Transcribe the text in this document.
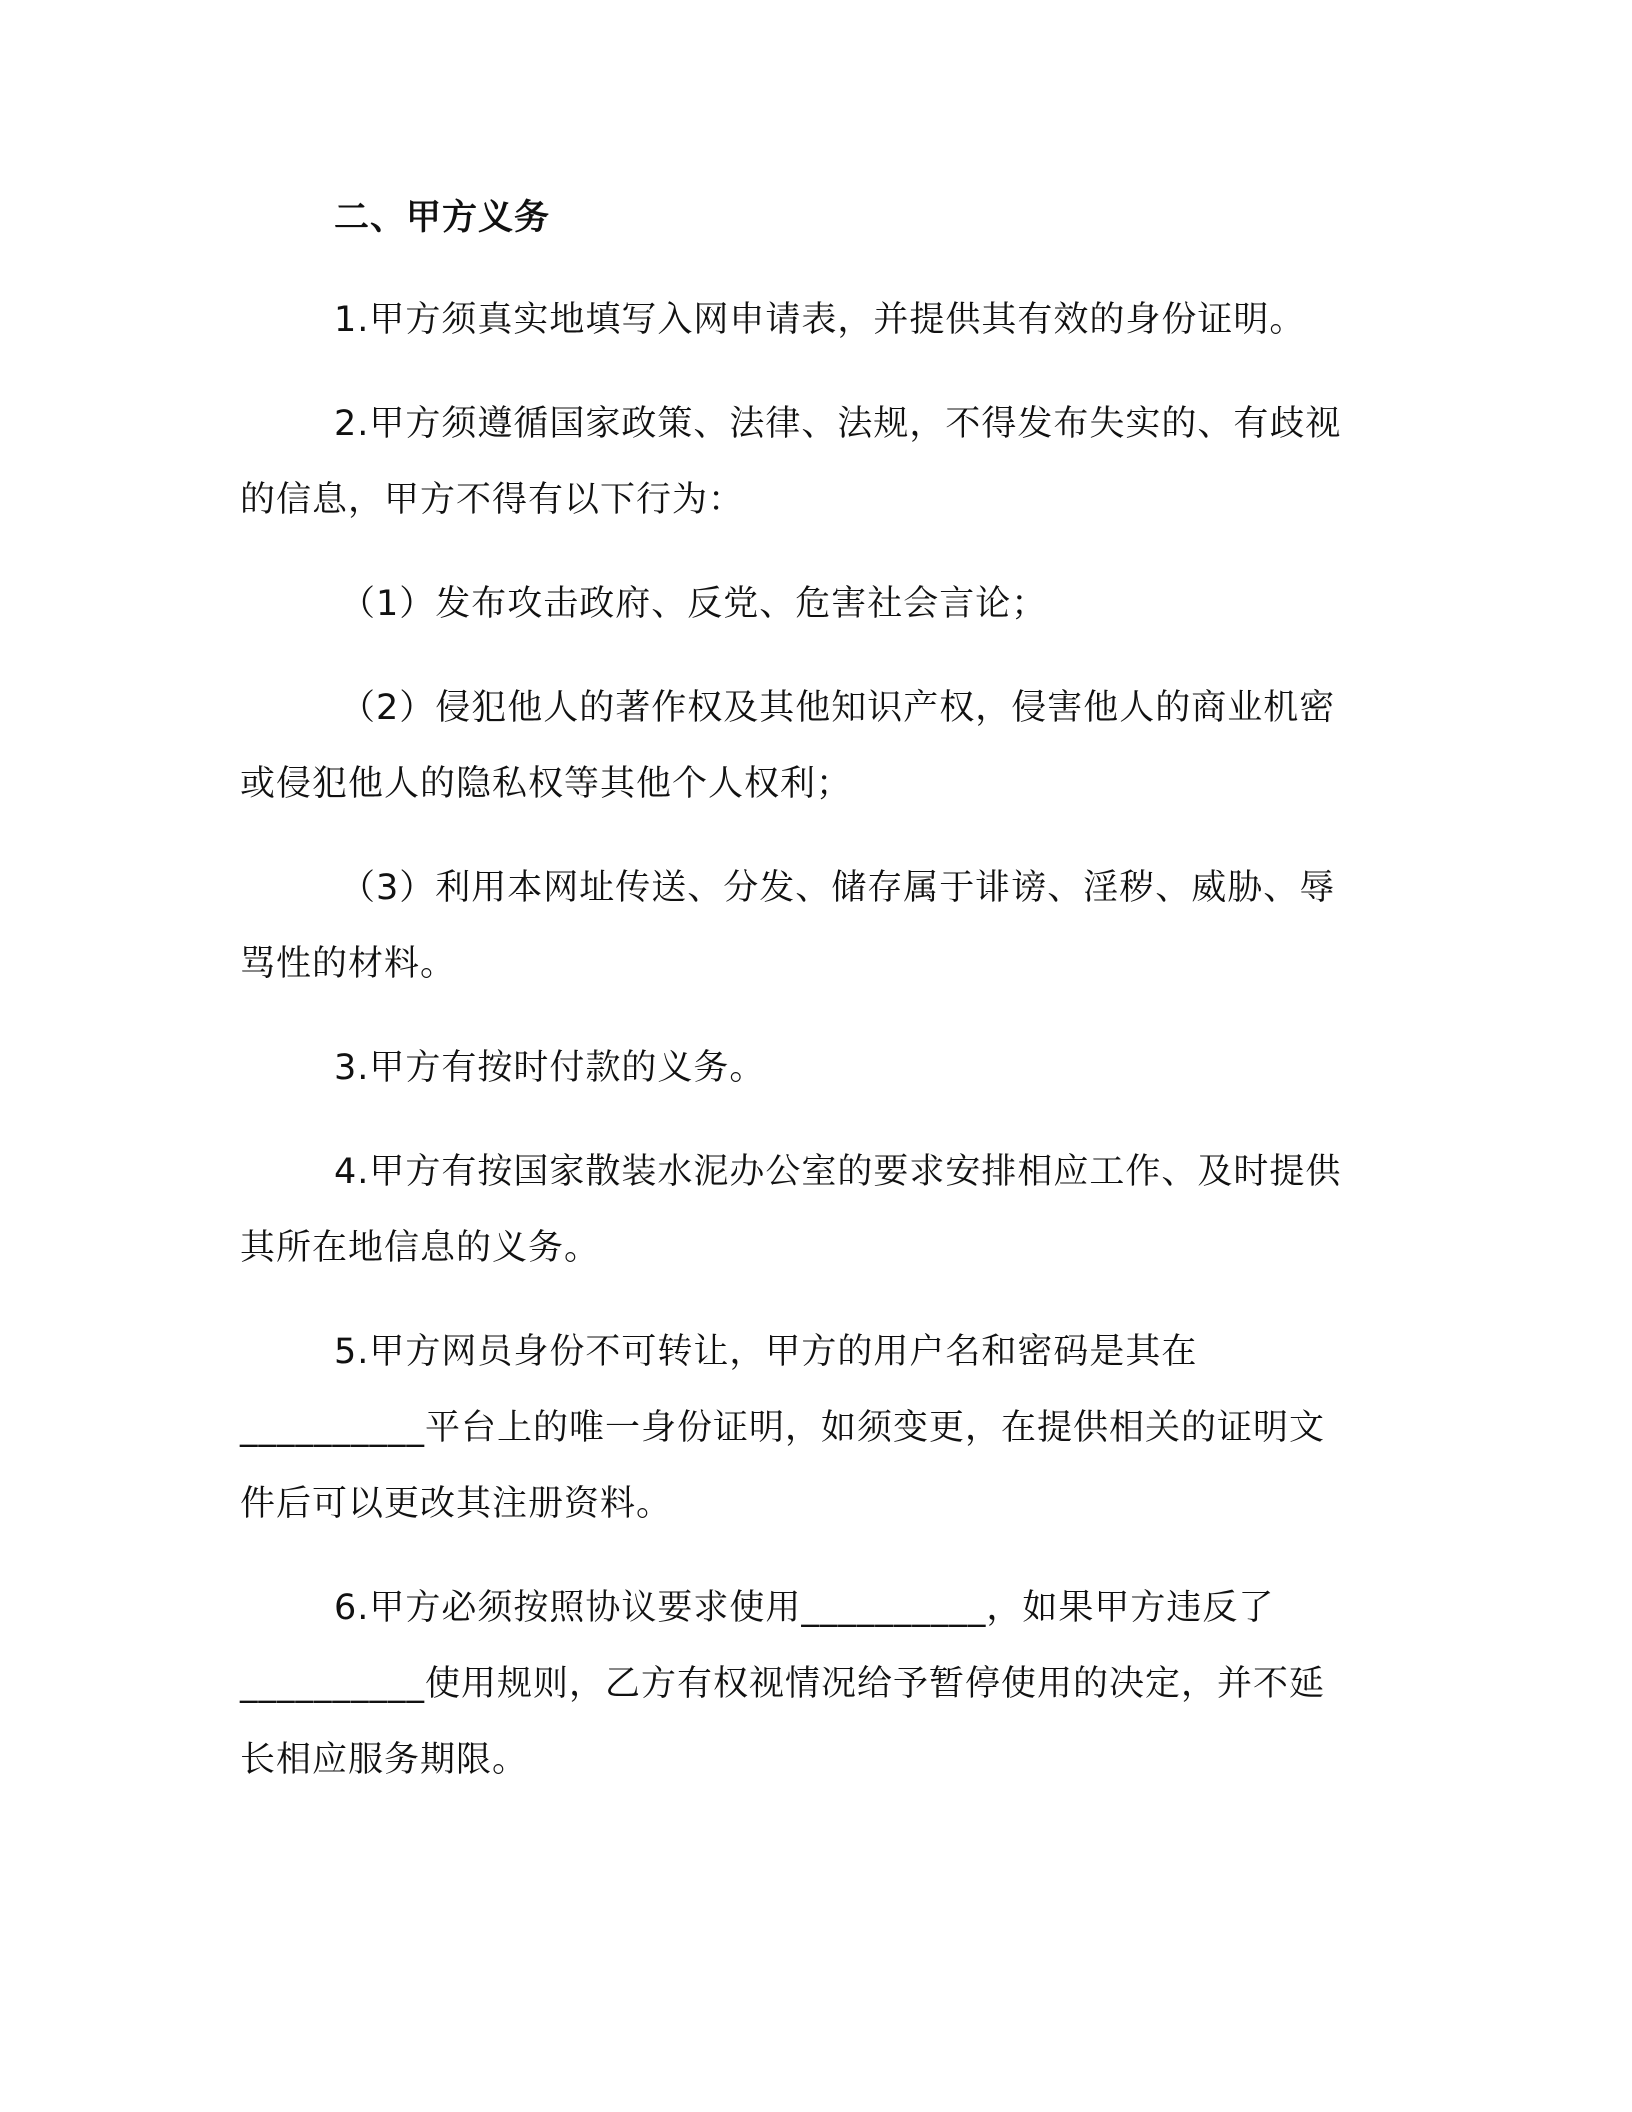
二、甲方义务
1.甲方须真实地填写入网申请表，并提供其有效的身份证明。
2.甲方须遵循国家政策、法律、法规，不得发布失实的、有歧视
的信息，甲方不得有以下行为：
（1）发布攻击政府、反党、危害社会言论；
（2）侵犯他人的著作权及其他知识产权，侵害他人的商业机密
或侵犯他人的隐私权等其他个人权利；
（3）利用本网址传送、分发、储存属于诽谤、淫秽、威胁、辱
骂性的材料。
3.甲方有按时付款的义务。
4.甲方有按国家散装水泥办公室的要求安排相应工作、及时提供
其所在地信息的义务。
5.甲方网员身份不可转让，甲方的用户名和密码是其在
__________平台上的唯一身份证明，如须变更，在提供相关的证明文
件后可以更改其注册资料。
6.甲方必须按照协议要求使用__________，如果甲方违反了
__________使用规则，乙方有权视情况给予暂停使用的决定，并不延
长相应服务期限。
